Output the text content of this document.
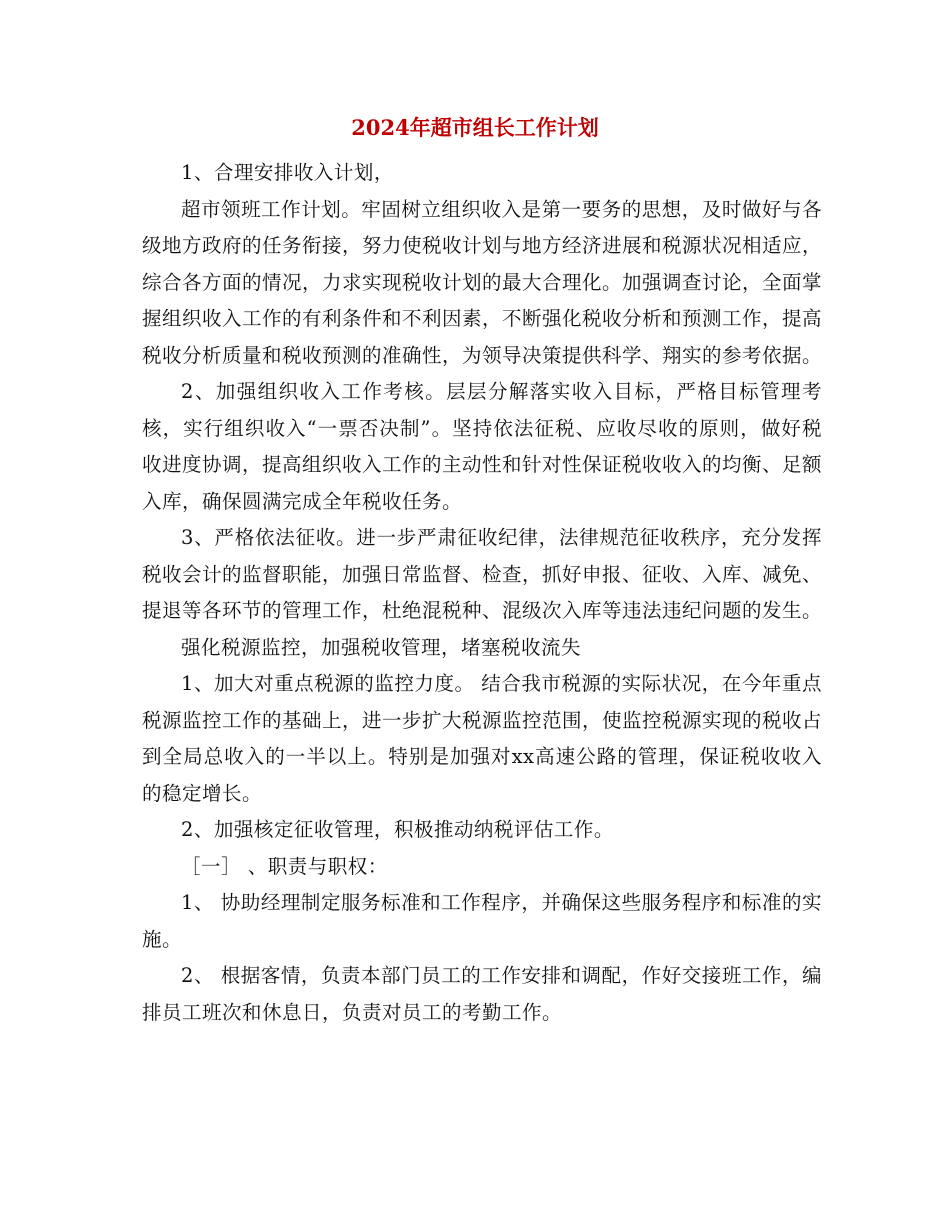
2024年超市组长工作计划

1、合理安排收入计划，

超市领班工作计划。牢固树立组织收入是第一要务的思想，及时做好与各级地方政府的任务衔接，努力使税收计划与地方经济进展和税源状况相适应，综合各方面的情况，力求实现税收计划的最大合理化。加强调查讨论，全面掌握组织收入工作的有利条件和不利因素，不断强化税收分析和预测工作，提高税收分析质量和税收预测的准确性，为领导决策提供科学、翔实的参考依据。

2、加强组织收入工作考核。层层分解落实收入目标，严格目标管理考核，实行组织收入“一票否决制”。坚持依法征税、应收尽收的原则，做好税收进度协调，提高组织收入工作的主动性和针对性保证税收收入的均衡、足额入库，确保圆满完成全年税收任务。

3、严格依法征收。进一步严肃征收纪律，法律规范征收秩序，充分发挥税收会计的监督职能，加强日常监督、检查，抓好申报、征收、入库、减免、提退等各环节的管理工作，杜绝混税种、混级次入库等违法违纪问题的发生。

强化税源监控，加强税收管理，堵塞税收流失

1、加大对重点税源的监控力度。 结合我市税源的实际状况，在今年重点税源监控工作的基础上，进一步扩大税源监控范围，使监控税源实现的税收占到全局总收入的一半以上。特别是加强对xx高速公路的管理，保证税收收入的稳定增长。

2、加强核定征收管理，积极推动纳税评估工作。

［一］ 、职责与职权：

1、 协助经理制定服务标准和工作程序，并确保这些服务程序和标准的实施。

2、 根据客情，负责本部门员工的工作安排和调配，作好交接班工作，编排员工班次和休息日，负责对员工的考勤工作。
